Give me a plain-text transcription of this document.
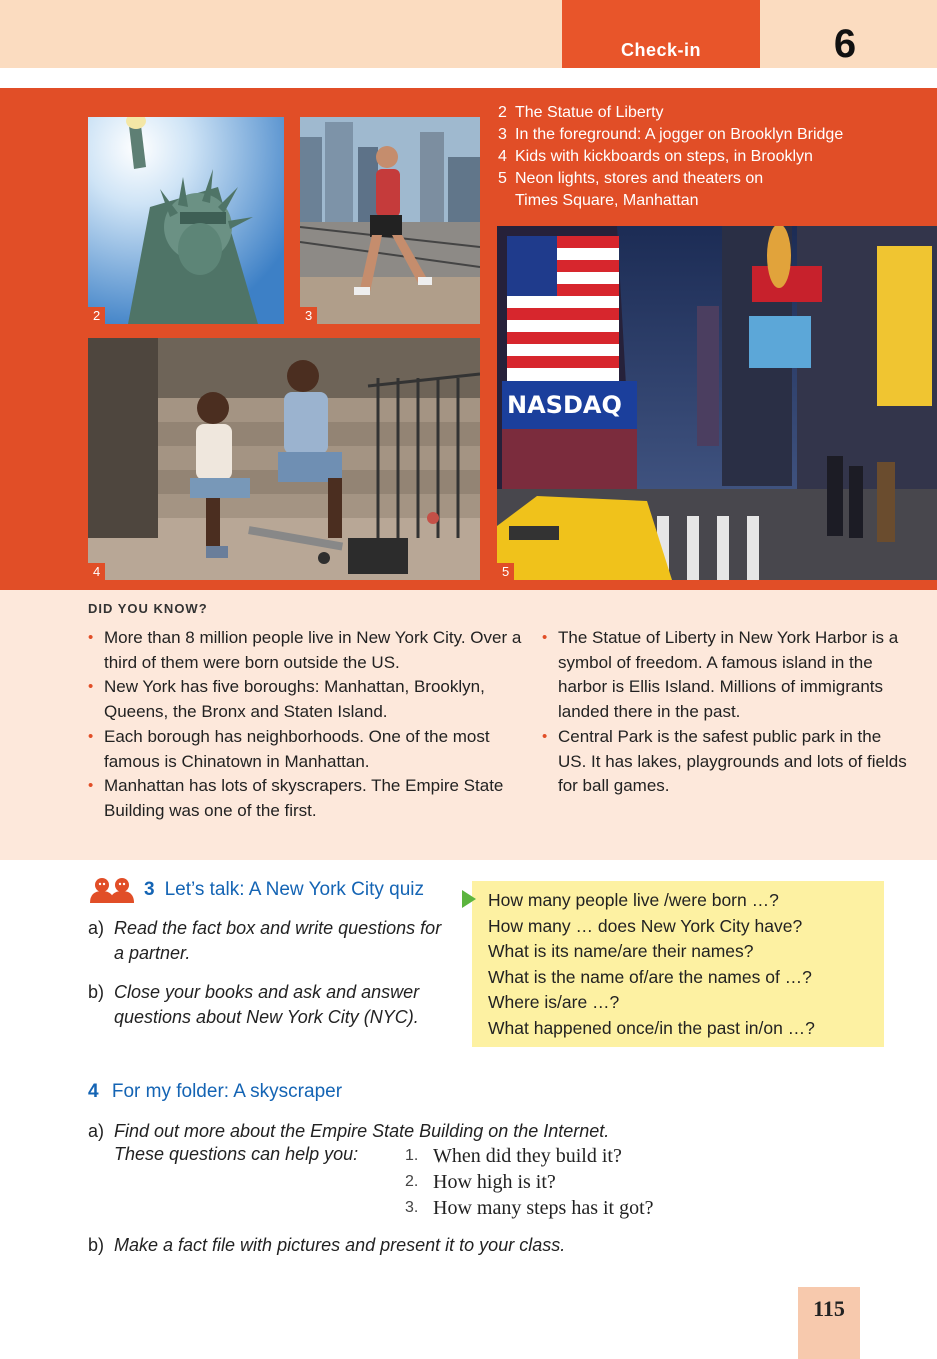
Check-in	6
2	3
4
NASDAQ
5
2 The Statue of Liberty
3 In the foreground: A jogger on Brooklyn Bridge
4 Kids with kickboards on steps, in Brooklyn
5 Neon lights, stores and theaters on
Times Square, Manhattan
DID YOU KNOW?
• More than 8 million people live in New York City. Over a third of them were born outside the US.
• New York has five boroughs: Manhattan, Brooklyn, Queens, the Bronx and Staten Island.
• Each borough has neighborhoods. One of the most famous is Chinatown in Manhattan.
• Manhattan has lots of skyscrapers. The Empire State Building was one of the first.
• The Statue of Liberty in New York Harbor is a symbol of freedom. A famous island in the harbor is Ellis Island. Millions of immigrants landed there in the past.
• Central Park is the safest public park in the US. It has lakes, playgrounds and lots of fields for ball games.
3 Let’s talk: A New York City quiz
a) Read the fact box and write questions for a partner.
b) Close your books and ask and answer questions about New York City (NYC).
How many people live /were born …?
How many … does New York City have?
What is its name/are their names?
What is the name of/are the names of …?
Where is/are …?
What happened once/in the past in/on …?
4 For my folder: A skyscraper
a) Find out more about the Empire State Building on the Internet.
These questions can help you:	1. When did they build it?
2. How high is it?
3. How many steps has it got?
b) Make a fact file with pictures and present it to your class.
115
